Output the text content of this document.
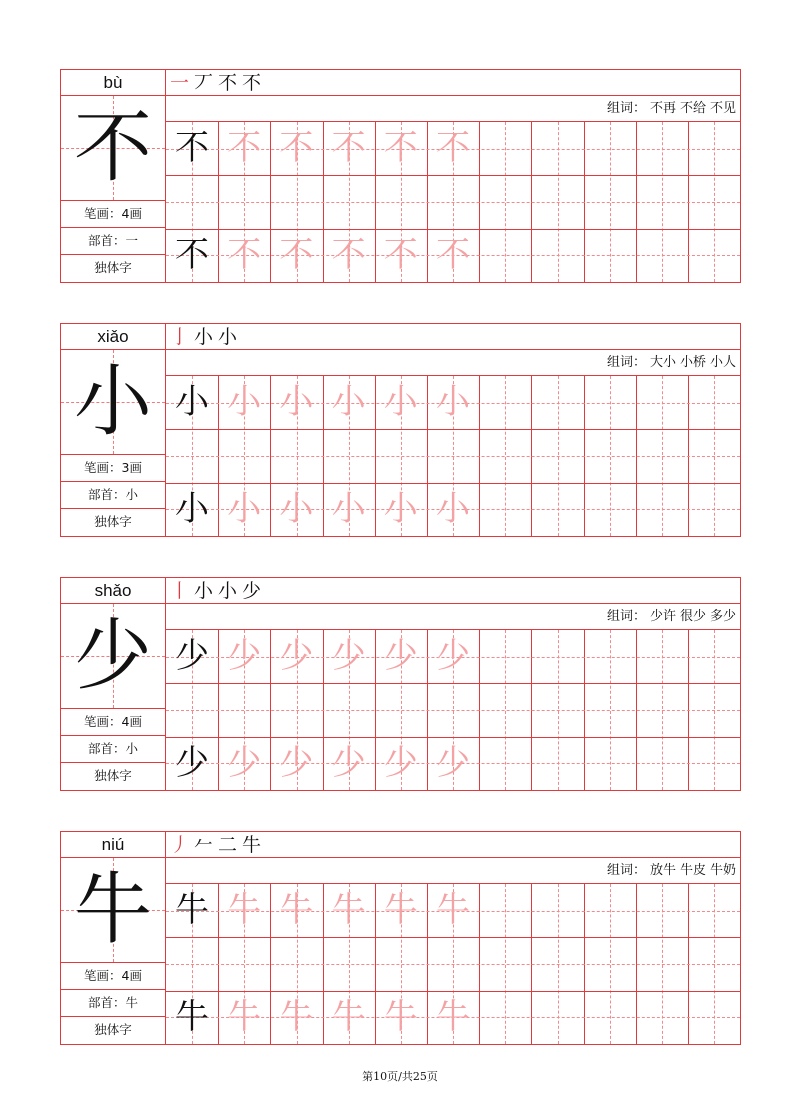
bù
不
笔画：4画
部首：一
独体字
一 丆 不 不
组词： 不再 不给 不见
不 不 不 不 不 不
不 不 不 不 不 不
xiǎo
小
笔画：3画
部首：小
独体字
亅 小 小
组词： 大小 小桥 小人
小 小 小 小 小 小
小 小 小 小 小 小
shǎo
少
笔画：4画
部首：小
独体字
丨 小 小 少
组词： 少许 很少 多少
少 少 少 少 少 少
少 少 少 少 少 少
niú
牛
笔画：4画
部首：牛
独体字
丿 𠂉 二 牛
组词： 放牛 牛皮 牛奶
牛 牛 牛 牛 牛 牛
牛 牛 牛 牛 牛 牛
第10页/共25页
